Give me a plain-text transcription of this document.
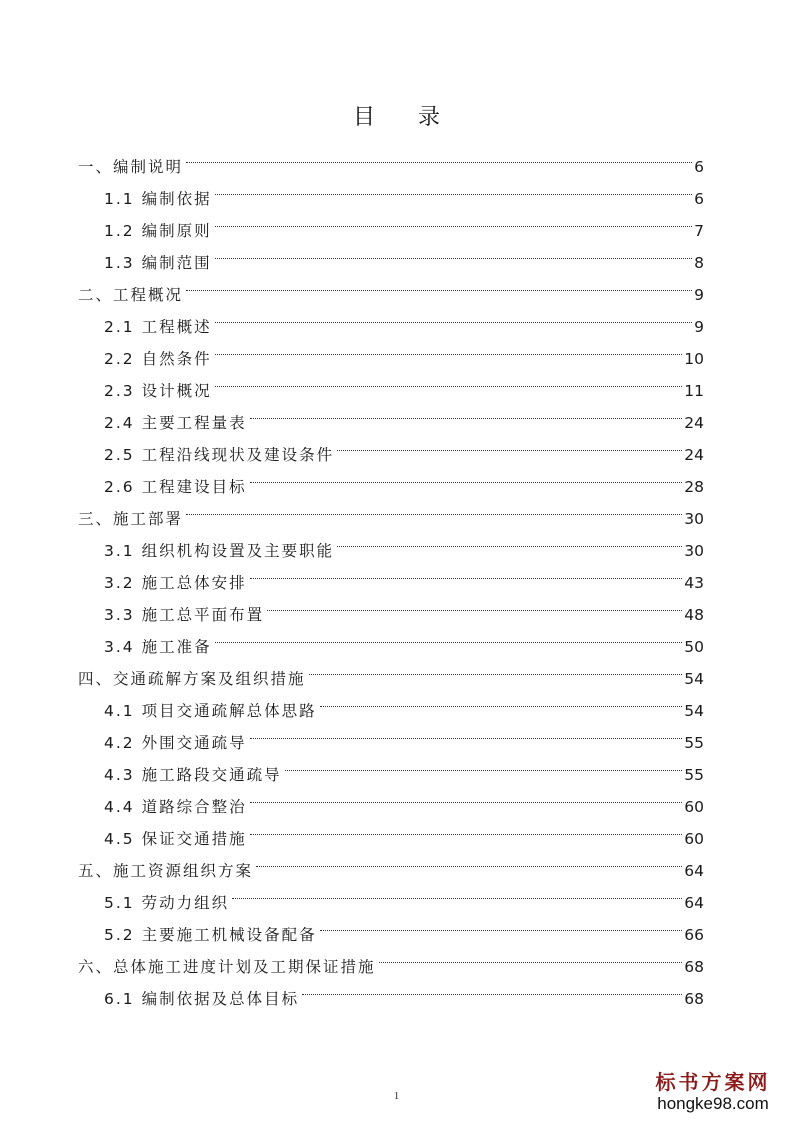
目 录
一、编制说明	6
1.1 编制依据	6
1.2 编制原则	7
1.3 编制范围	8
二、工程概况	9
2.1 工程概述	9
2.2 自然条件	10
2.3 设计概况	11
2.4 主要工程量表	24
2.5 工程沿线现状及建设条件	24
2.6 工程建设目标	28
三、施工部署	30
3.1 组织机构设置及主要职能	30
3.2 施工总体安排	43
3.3 施工总平面布置	48
3.4 施工准备	50
四、交通疏解方案及组织措施	54
4.1 项目交通疏解总体思路	54
4.2 外围交通疏导	55
4.3 施工路段交通疏导	55
4.4 道路综合整治	60
4.5 保证交通措施	60
五、施工资源组织方案	64
5.1 劳动力组织	64
5.2 主要施工机械设备配备	66
六、总体施工进度计划及工期保证措施	68
6.1 编制依据及总体目标	68
1
标书方案网
hongke98.com
